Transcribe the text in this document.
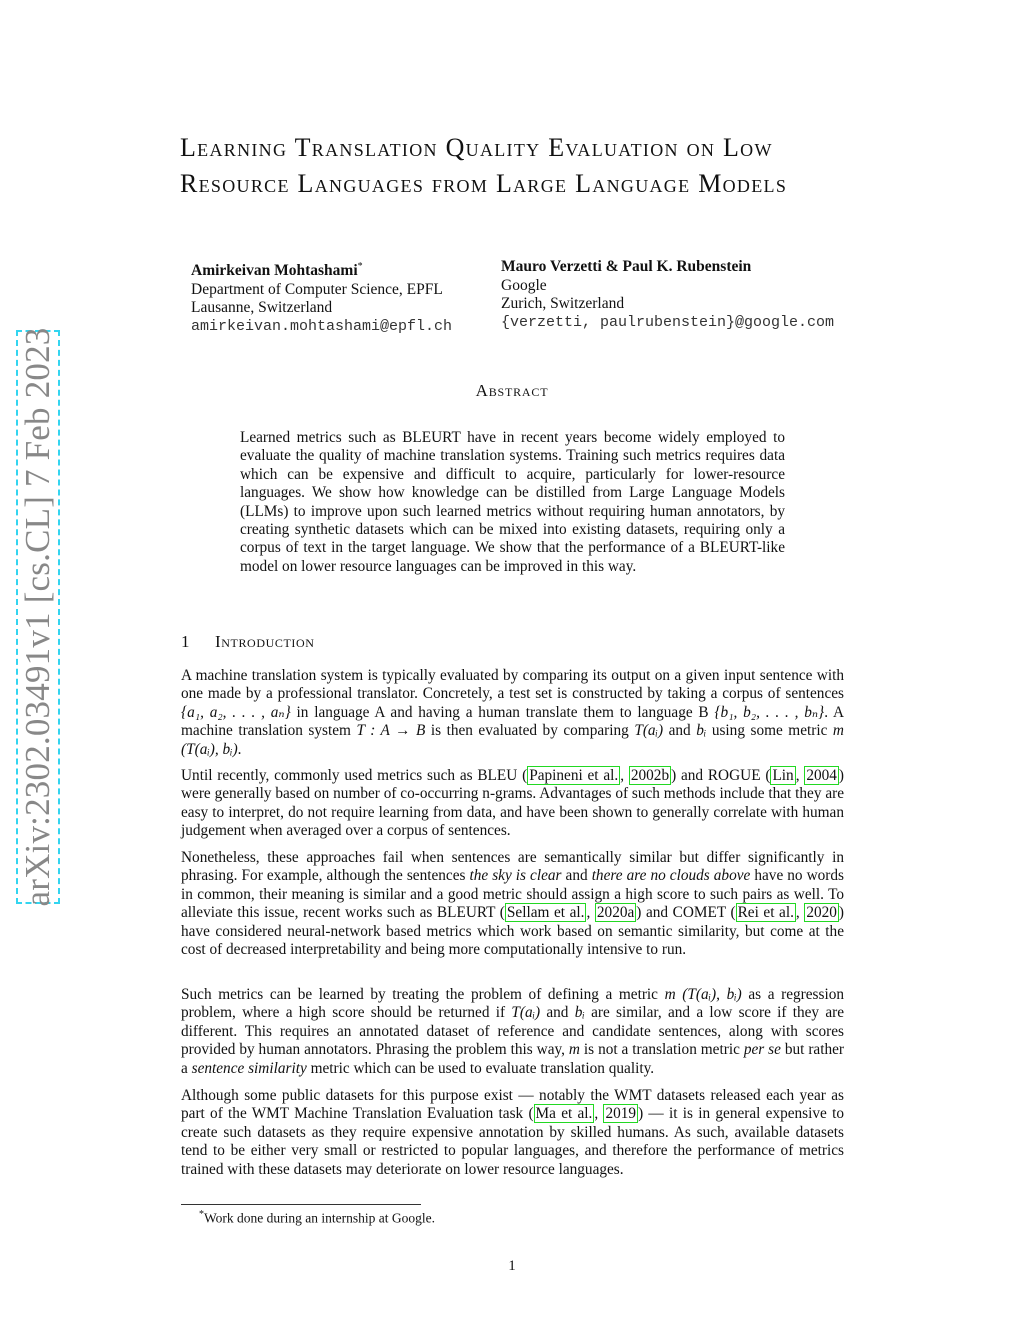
arXiv:2302.03491v1 [cs.CL] 7 Feb 2023
Learning Translation Quality Evaluation on Low Resource Languages from Large Language Models
Amirkeivan Mohtashami*
Department of Computer Science, EPFL
Lausanne, Switzerland
amirkeivan.mohtashami@epfl.ch
Mauro Verzetti & Paul K. Rubenstein
Google
Zurich, Switzerland
{verzetti, paulrubenstein}@google.com
Abstract

Learned metrics such as BLEURT have in recent years become widely employed to evaluate the quality of machine translation systems. Training such metrics requires data which can be expensive and difficult to acquire, particularly for lower-resource languages. We show how knowledge can be distilled from Large Language Models (LLMs) to improve upon such learned metrics without requiring human annotators, by creating synthetic datasets which can be mixed into existing datasets, requiring only a corpus of text in the target language. We show that the performance of a BLEURT-like model on lower resource languages can be improved in this way.

1 Introduction

A machine translation system is typically evaluated by comparing its output on a given input sentence with one made by a professional translator. Concretely, a test set is constructed by taking a corpus of sentences {a₁, a₂, . . . , aₙ} in language A and having a human translate them to language B {b₁, b₂, . . . , bₙ}. A machine translation system T : A → B is then evaluated by comparing T(aᵢ) and bᵢ using some metric m (T(aᵢ), bᵢ).

Until recently, commonly used metrics such as BLEU ( Papineni et al. , 2002b ) and ROGUE ( Lin , 2004 ) were generally based on number of co-occurring n-grams. Advantages of such methods include that they are easy to interpret, do not require learning from data, and have been shown to generally correlate with human judgement when averaged over a corpus of sentences.

Nonetheless, these approaches fail when sentences are semantically similar but differ significantly in phrasing. For example, although the sentences the sky is clear and there are no clouds above have no words in common, their meaning is similar and a good metric should assign a high score to such pairs as well. To alleviate this issue, recent works such as BLEURT ( Sellam et al. , 2020a ) and COMET ( Rei et al. , 2020 ) have considered neural-network based metrics which work based on semantic similarity, but come at the cost of decreased interpretability and being more computationally intensive to run.

Such metrics can be learned by treating the problem of defining a metric m (T(aᵢ), bᵢ) as a regression problem, where a high score should be returned if T(aᵢ) and bᵢ are similar, and a low score if they are different. This requires an annotated dataset of reference and candidate sentences, along with scores provided by human annotators. Phrasing the problem this way, m is not a translation metric per se but rather a sentence similarity metric which can be used to evaluate translation quality.

Although some public datasets for this purpose exist — notably the WMT datasets released each year as part of the WMT Machine Translation Evaluation task ( Ma et al. , 2019 ) — it is in general expensive to create such datasets as they require expensive annotation by skilled humans. As such, available datasets tend to be either very small or restricted to popular languages, and therefore the performance of metrics trained with these datasets may deteriorate on lower resource languages.

*Work done during an internship at Google.
1
